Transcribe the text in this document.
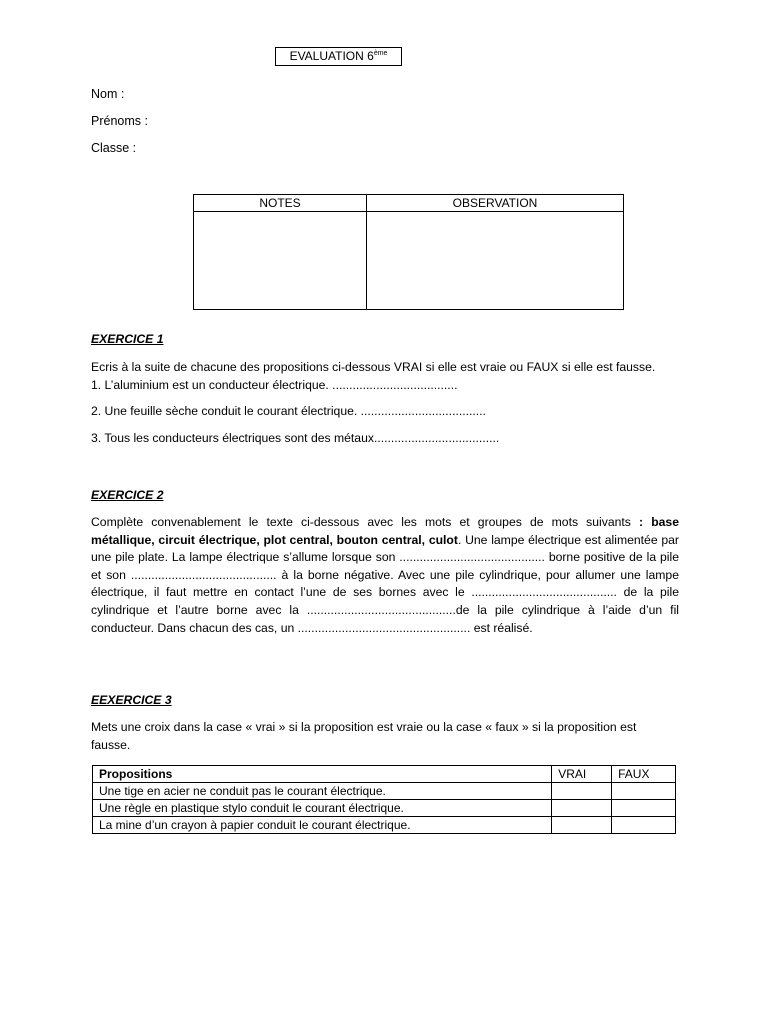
EVALUATION 6ème
Nom :
Prénoms :
Classe :
NOTES	OBSERVATION

EXERCICE 1

Ecris à la suite de chacune des propositions ci-dessous VRAI si elle est vraie ou FAUX si elle est fausse.

1. L’aluminium est un conducteur électrique. .....................................

2. Une feuille sèche conduit le courant électrique. .....................................

3. Tous les conducteurs électriques sont des métaux.....................................

EXERCICE 2
Complète convenablement le texte ci-dessous avec les mots et groupes de mots suivants : base métallique, circuit électrique, plot central, bouton central, culot. Une lampe électrique est alimentée par une pile plate. La lampe électrique s’allume lorsque son ........................................... borne positive de la pile et son ........................................... à la borne négative. Avec une pile cylindrique, pour allumer une lampe électrique, il faut mettre en contact l’une de ses bornes avec le ........................................... de la pile cylindrique et l’autre borne avec la ............................................de la pile cylindrique à l’aide d’un fil conducteur. Dans chacun des cas, un ................................................... est réalisé.
EEXERCICE 3
Mets une croix dans la case « vrai » si la proposition est vraie ou la case « faux » si la proposition est fausse.
Propositions	VRAI	FAUX
Une tige en acier ne conduit pas le courant électrique.		
Une règle en plastique stylo conduit le courant électrique.		
La mine d’un crayon à papier conduit le courant électrique.		
